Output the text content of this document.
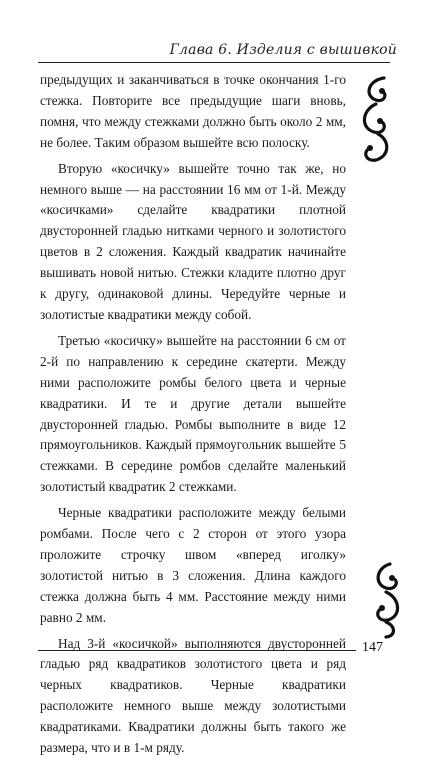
Глава 6. Изделия с вышивкой

предыдущих и заканчиваться в точке окончания 1-го стежка. Повторите все предыдущие шаги вновь, помня, что между стежками должно быть около 2 мм, не более. Таким образом вышейте всю полоску.

Вторую «косичку» вышейте точно так же, но немного выше — на расстоянии 16 мм от 1-й. Между «косичками» сделайте квадратики плотной двусторонней гладью нитками черного и золотистого цветов в 2 сложения. Каждый квадратик начинайте вышивать новой нитью. Стежки кладите плотно друг к другу, одинаковой длины. Чередуйте черные и золотистые квадратики между собой.

Третью «косичку» вышейте на расстоянии 6 см от 2-й по направлению к середине скатерти. Между ними расположите ромбы белого цвета и черные квадратики. И те и другие детали вышейте двусторонней гладью. Ромбы выполните в виде 12 прямоугольников. Каждый прямоугольник вышейте 5 стежками. В середине ромбов сделайте маленький золотистый квадратик 2 стежками.

Черные квадратики расположите между белыми ромбами. После чего с 2 сторон от этого узора проложите строчку швом «вперед иголку» золотистой нитью в 3 сложения. Длина каждого стежка должна быть 4 мм. Расстояние между ними равно 2 мм.

Над 3-й «косичкой» выполняются двусторонней гладью ряд квадратиков золотистого цвета и ряд черных квадратиков. Черные квадратики расположите немного выше между золотистыми квадратиками. Квадратики должны быть такого же размера, что и в 1-м ряду.

147
